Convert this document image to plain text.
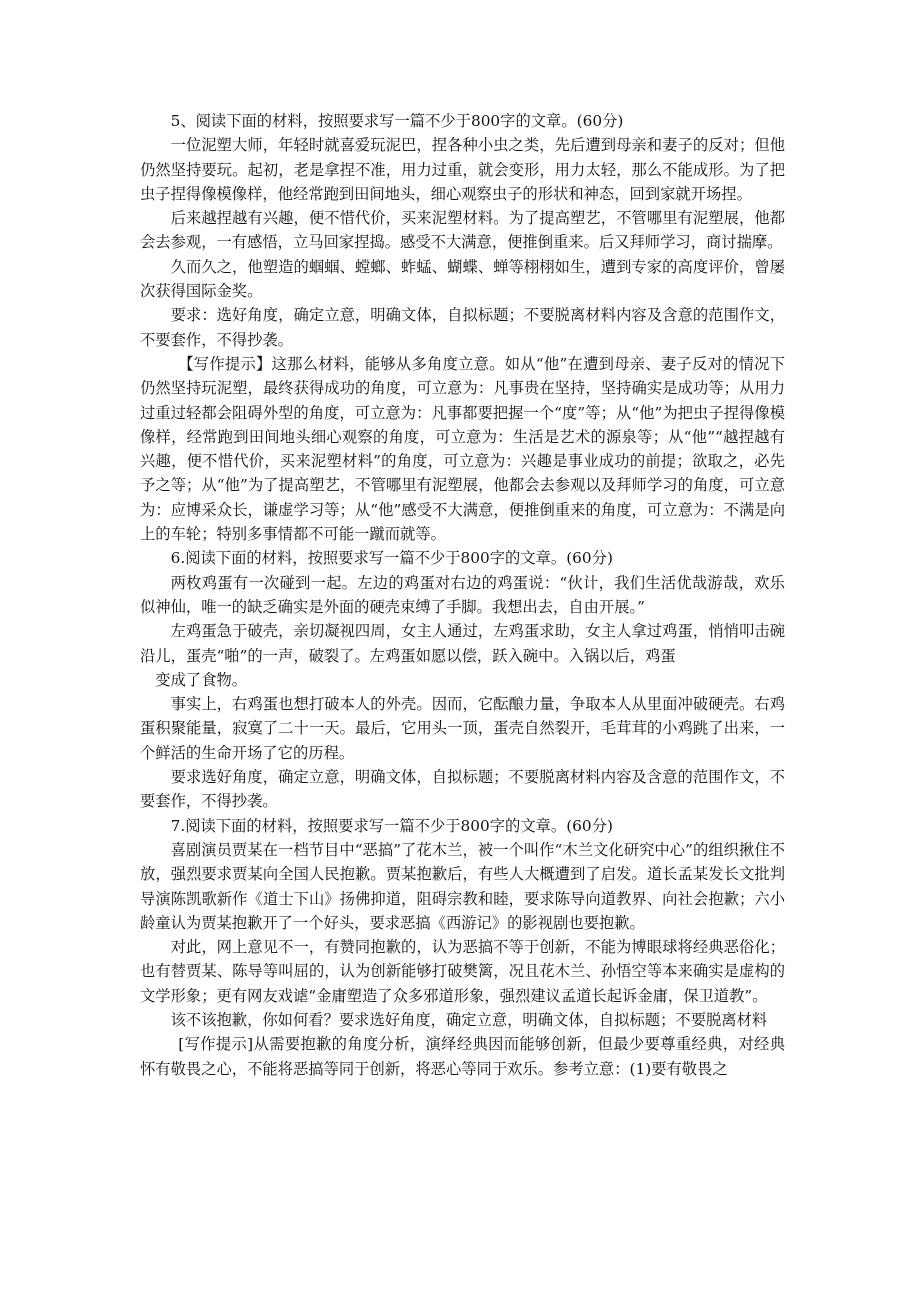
5、阅读下面的材料，按照要求写一篇不少于800字的文章。(60分)

一位泥塑大师，年轻时就喜爱玩泥巴，捏各种小虫之类，先后遭到母亲和妻子的反对；但他仍然坚持要玩。起初，老是拿捏不准，用力过重，就会变形，用力太轻，那么不能成形。为了把虫子捏得像模像样，他经常跑到田间地头，细心观察虫子的形状和神态，回到家就开场捏。

后来越捏越有兴趣，便不惜代价，买来泥塑材料。为了提高塑艺，不管哪里有泥塑展，他都会去参观，一有感悟，立马回家捏捣。感受不大满意，便推倒重来。后又拜师学习，商讨揣摩。

久而久之，他塑造的蝈蝈、螳螂、蚱蜢、蝴蝶、蝉等栩栩如生，遭到专家的高度评价，曾屡次获得国际金奖。

要求：选好角度，确定立意，明确文体，自拟标题；不要脱离材料内容及含意的范围作文，不要套作，不得抄袭。

【写作提示】这那么材料，能够从多角度立意。如从“他”在遭到母亲、妻子反对的情况下仍然坚持玩泥塑，最终获得成功的角度，可立意为：凡事贵在坚持，坚持确实是成功等；从用力过重过轻都会阻碍外型的角度，可立意为：凡事都要把握一个“度”等；从“他”为把虫子捏得像模像样，经常跑到田间地头细心观察的角度，可立意为：生活是艺术的源泉等；从“他”“越捏越有兴趣，便不惜代价，买来泥塑材料”的角度，可立意为：兴趣是事业成功的前提；欲取之，必先予之等；从“他”为了提高塑艺，不管哪里有泥塑展，他都会去参观以及拜师学习的角度，可立意为：应博采众长，谦虚学习等；从“他”感受不大满意，便推倒重来的角度，可立意为：不满是向上的车轮；特别多事情都不可能一蹴而就等。

6.阅读下面的材料，按照要求写一篇不少于800字的文章。(60分)

两枚鸡蛋有一次碰到一起。左边的鸡蛋对右边的鸡蛋说：“伙计，我们生活优哉游哉，欢乐似神仙，唯一的缺乏确实是外面的硬壳束缚了手脚。我想出去，自由开展。”

左鸡蛋急于破壳，亲切凝视四周，女主人通过，左鸡蛋求助，女主人拿过鸡蛋，悄悄叩击碗沿儿，蛋壳“啪”的一声，破裂了。左鸡蛋如愿以偿，跃入碗中。入锅以后，鸡蛋

变成了食物。

事实上，右鸡蛋也想打破本人的外壳。因而，它酝酿力量，争取本人从里面冲破硬壳。右鸡蛋积聚能量，寂寞了二十一天。最后，它用头一顶，蛋壳自然裂开，毛茸茸的小鸡跳了出来，一个鲜活的生命开场了它的历程。

要求选好角度，确定立意，明确文体，自拟标题；不要脱离材料内容及含意的范围作文，不要套作，不得抄袭。

7.阅读下面的材料，按照要求写一篇不少于800字的文章。(60分)

喜剧演员贾某在一档节目中“恶搞”了花木兰，被一个叫作“木兰文化研究中心”的组织揪住不放，强烈要求贾某向全国人民抱歉。贾某抱歉后，有些人大概遭到了启发。道长孟某发长文批判导演陈凯歌新作《道士下山》扬佛抑道，阻碍宗教和睦，要求陈导向道教界、向社会抱歉；六小龄童认为贾某抱歉开了一个好头，要求恶搞《西游记》的影视剧也要抱歉。

对此，网上意见不一，有赞同抱歉的，认为恶搞不等于创新，不能为博眼球将经典恶俗化；也有替贾某、陈导等叫屈的，认为创新能够打破樊篱，况且花木兰、孙悟空等本来确实是虚构的文学形象；更有网友戏谑“金庸塑造了众多邪道形象，强烈建议孟道长起诉金庸，保卫道教”。

该不该抱歉，你如何看？要求选好角度，确定立意，明确文体，自拟标题；不要脱离材料

[写作提示]从需要抱歉的角度分析，演绎经典因而能够创新，但最少要尊重经典，对经典怀有敬畏之心，不能将恶搞等同于创新，将恶心等同于欢乐。参考立意：(1)要有敬畏之
